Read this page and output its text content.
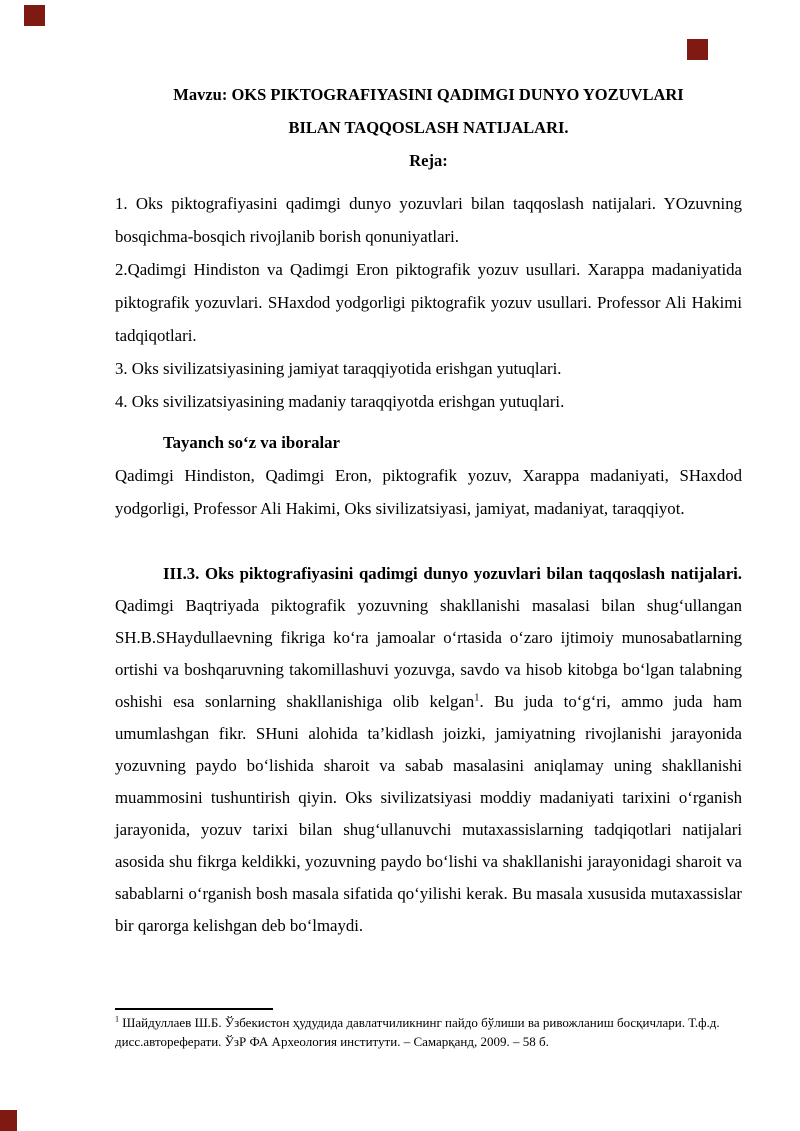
Mavzu: OKS PIKTOGRAFIYASINI QADIMGI DUNYO YOZUVLARI
BILAN TAQQOSLASH NATIJALARI.
Reja:

1. Oks piktografiyasini qadimgi dunyo yozuvlari bilan taqqoslash natijalari. YOzuvning bosqichma-bosqich rivojlanib borish qonuniyatlari.

2.Qadimgi Hindiston va Qadimgi Eron piktografik yozuv usullari. Xarappa madaniyatida piktografik yozuvlari. SHaxdod yodgorligi piktografik yozuv usullari. Professor Ali Hakimi tadqiqotlari.

3. Oks sivilizatsiyasining jamiyat taraqqiyotida erishgan yutuqlari.

4. Oks sivilizatsiyasining madaniy taraqqiyotda erishgan yutuqlari.

Tayanch so‘z va iboralar

Qadimgi Hindiston, Qadimgi Eron, piktografik yozuv, Xarappa madaniyati, SHaxdod yodgorligi, Professor Ali Hakimi, Oks sivilizatsiyasi, jamiyat, madaniyat, taraqqiyot.

III.3. Oks piktografiyasini qadimgi dunyo yozuvlari bilan taqqoslash natijalari. Qadimgi Baqtriyada piktografik yozuvning shakllanishi masalasi bilan shug‘ullangan SH.B.SHaydullaevning fikriga ko‘ra jamoalar o‘rtasida o‘zaro ijtimoiy munosabatlarning ortishi va boshqaruvning takomillashuvi yozuvga, savdo va hisob kitobga bo‘lgan talabning oshishi esa sonlarning shakllanishiga olib kelgan$^1$. Bu juda to‘g‘ri, ammo juda ham umumlashgan fikr. SHuni alohida ta’kidlash joizki, jamiyatning rivojlanishi jarayonida yozuvning paydo bo‘lishida sharoit va sabab masalasini aniqlamay uning shakllanishi muammosini tushuntirish qiyin. Oks sivilizatsiyasi moddiy madaniyati tarixini o‘rganish jarayonida, yozuv tarixi bilan shug‘ullanuvchi mutaxassislarning tadqiqotlari natijalari asosida shu fikrga keldikki, yozuvning paydo bo‘lishi va shakllanishi jarayonidagi sharoit va sabablarni o‘rganish bosh masala sifatida qo‘yilishi kerak. Bu masala xususida mutaxassislar bir qarorga kelishgan deb bo‘lmaydi.

$^1$ Шайдуллаев Ш.Б. Ўзбекистон ҳудудида давлатчиликнинг пайдо бўлиши ва ривожланиш босқичлари. Т.ф.д. дисс.автореферати. ЎзР ФА Археология институти. – Самарқанд, 2009. – 58 б.
